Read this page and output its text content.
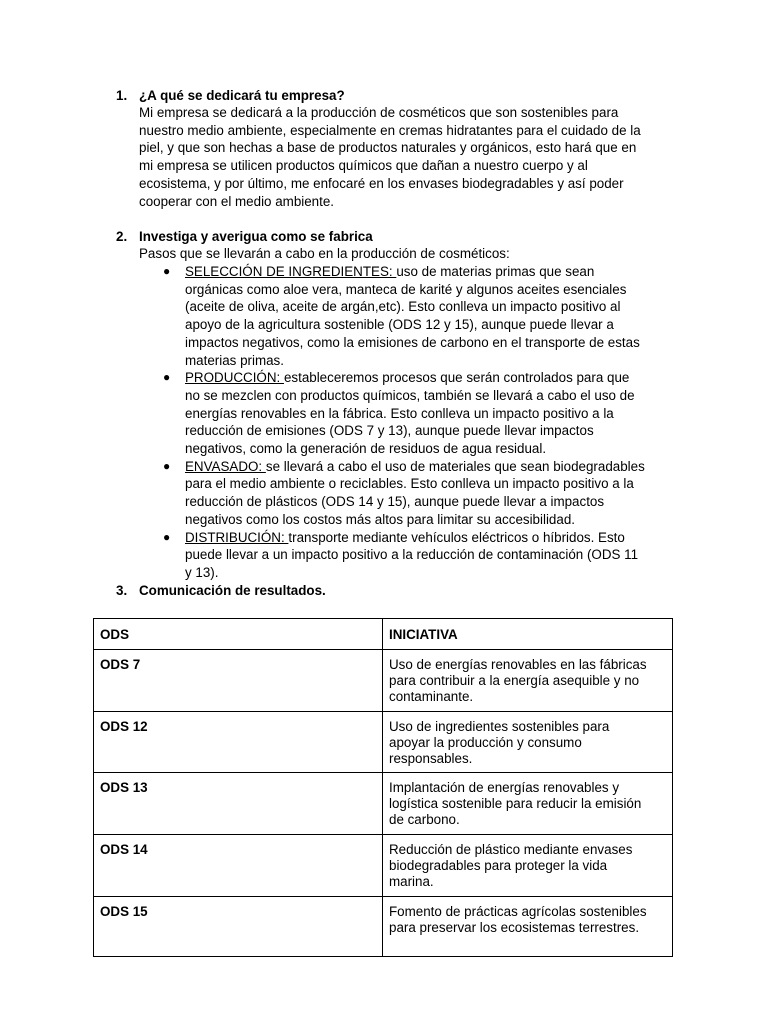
1. ¿A qué se dedicará tu empresa?
Mi empresa se dedicará a la producción de cosméticos que son sostenibles para
nuestro medio ambiente, especialmente en cremas hidratantes para el cuidado de la
piel, y que son hechas a base de productos naturales y orgánicos, esto hará que en
mi empresa se utilicen productos químicos que dañan a nuestro cuerpo y al
ecosistema, y por último, me enfocaré en los envases biodegradables y así poder
cooperar con el medio ambiente.
2. Investiga y averigua como se fabrica
Pasos que se llevarán a cabo en la producción de cosméticos:
● SELECCIÓN DE INGREDIENTES: uso de materias primas que sean
orgánicas como aloe vera, manteca de karité y algunos aceites esenciales
(aceite de oliva, aceite de argán,etc). Esto conlleva un impacto positivo al
apoyo de la agricultura sostenible (ODS 12 y 15), aunque puede llevar a
impactos negativos, como la emisiones de carbono en el transporte de estas
materias primas.
● PRODUCCIÓN: estableceremos procesos que serán controlados para que
no se mezclen con productos químicos, también se llevará a cabo el uso de
energías renovables en la fábrica. Esto conlleva un impacto positivo a la
reducción de emisiones (ODS 7 y 13), aunque puede llevar impactos
negativos, como la generación de residuos de agua residual.
● ENVASADO: se llevará a cabo el uso de materiales que sean biodegradables
para el medio ambiente o reciclables. Esto conlleva un impacto positivo a la
reducción de plásticos (ODS 14 y 15), aunque puede llevar a impactos
negativos como los costos más altos para limitar su accesibilidad.
● DISTRIBUCIÓN: transporte mediante vehículos eléctricos o híbridos. Esto
puede llevar a un impacto positivo a la reducción de contaminación (ODS 11
y 13).
3. Comunicación de resultados.
ODS	INICIATIVA
ODS 7	Uso de energías renovables en las fábricas
para contribuir a la energía asequible y no
contaminante.

ODS 12	Uso de ingredientes sostenibles para
apoyar la producción y consumo
responsables.

ODS 13	Implantación de energías renovables y
logística sostenible para reducir la emisión
de carbono.

ODS 14	Reducción de plástico mediante envases
biodegradables para proteger la vida
marina.

ODS 15	Fomento de prácticas agrícolas sostenibles
para preservar los ecosistemas terrestres.
